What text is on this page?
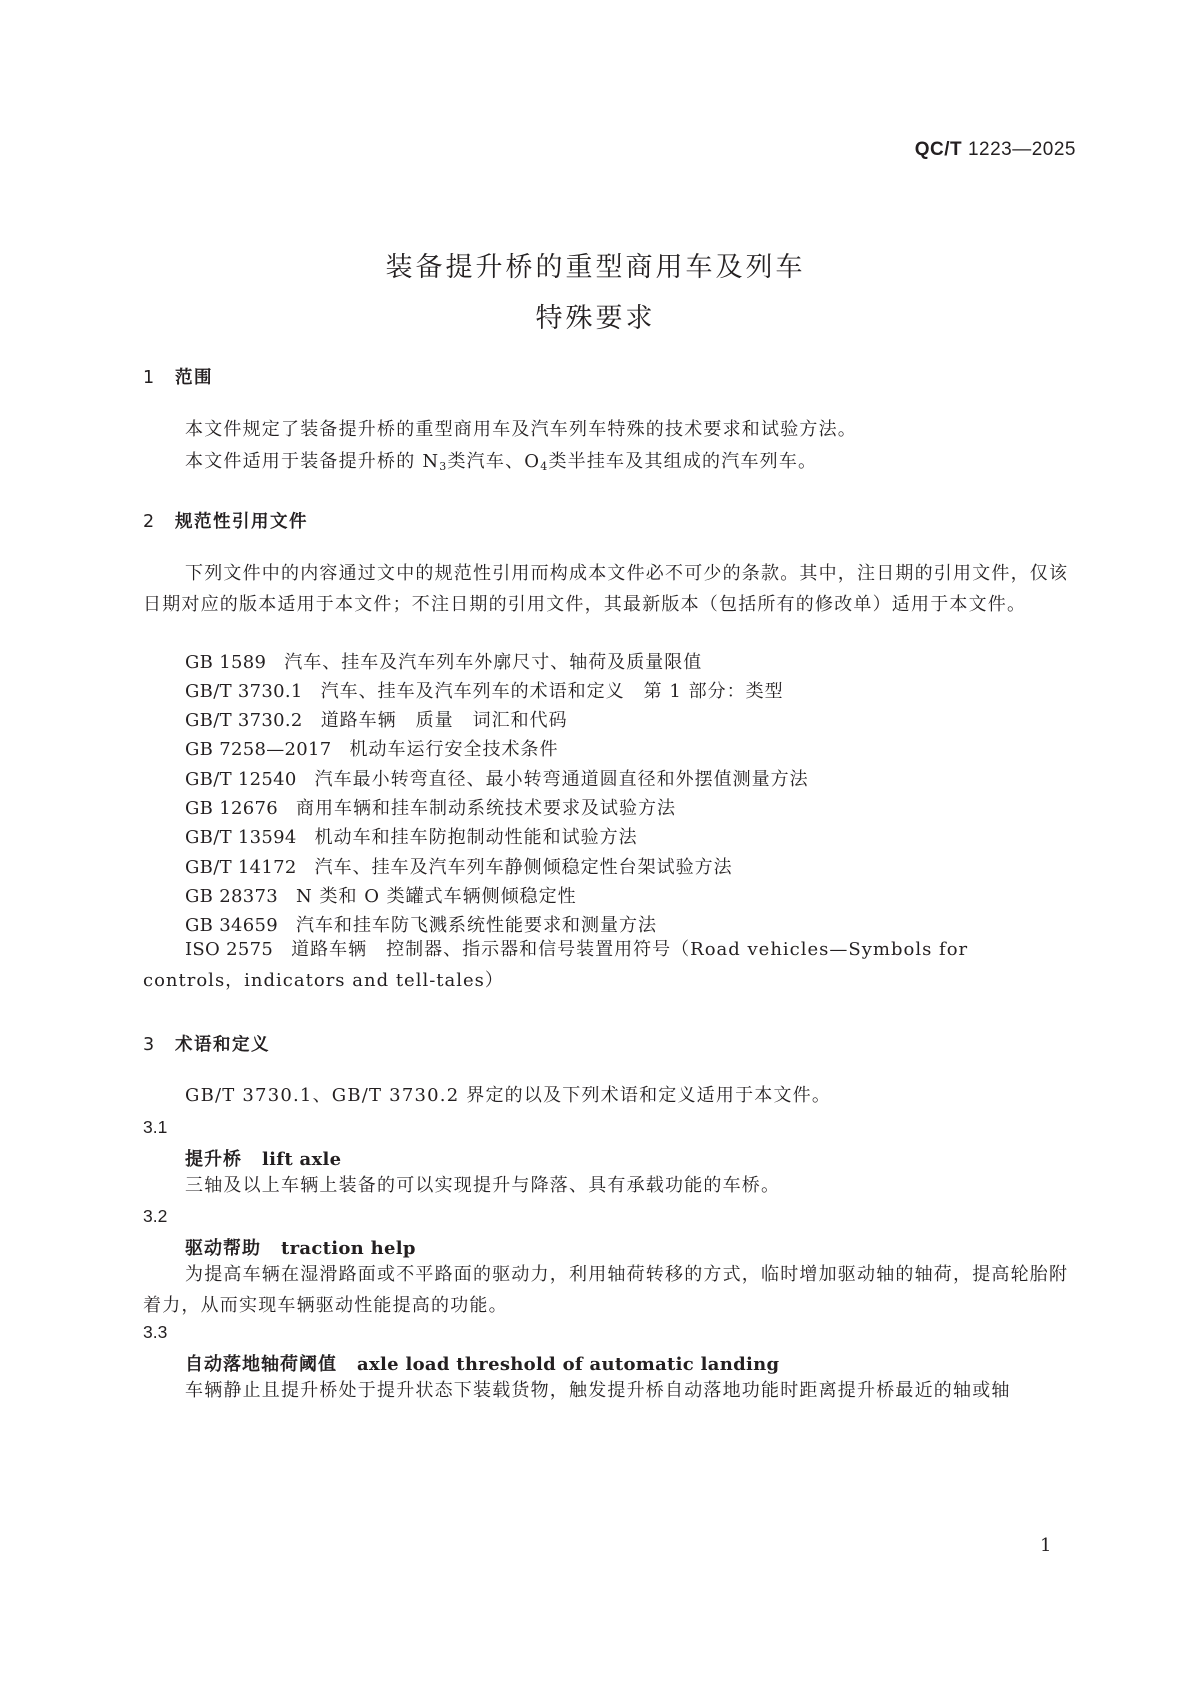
QC/T 1223—2025
装备提升桥的重型商用车及列车
特殊要求
1 范围
本文件规定了装备提升桥的重型商用车及汽车列车特殊的技术要求和试验方法。
本文件适用于装备提升桥的 $N_3$类汽车、$O_4$类半挂车及其组成的汽车列车。
2 规范性引用文件
下列文件中的内容通过文中的规范性引用而构成本文件必不可少的条款。其中，注日期的引用文件，仅该日期对应的版本适用于本文件；不注日期的引用文件，其最新版本（包括所有的修改单）适用于本文件。
GB 1589 汽车、挂车及汽车列车外廓尺寸、轴荷及质量限值
GB/T 3730.1 汽车、挂车及汽车列车的术语和定义　第 1 部分：类型
GB/T 3730.2 道路车辆　质量　词汇和代码
GB 7258—2017 机动车运行安全技术条件
GB/T 12540 汽车最小转弯直径、最小转弯通道圆直径和外摆值测量方法
GB 12676 商用车辆和挂车制动系统技术要求及试验方法
GB/T 13594 机动车和挂车防抱制动性能和试验方法
GB/T 14172 汽车、挂车及汽车列车静侧倾稳定性台架试验方法
GB 28373 N 类和 O 类罐式车辆侧倾稳定性
GB 34659 汽车和挂车防飞溅系统性能要求和测量方法
ISO 2575 道路车辆　控制器、指示器和信号装置用符号（Road vehicles—Symbols for controls，indicators and tell-tales）
3 术语和定义
GB/T 3730.1、GB/T 3730.2 界定的以及下列术语和定义适用于本文件。
3.1
提升桥 lift axle
三轴及以上车辆上装备的可以实现提升与降落、具有承载功能的车桥。
3.2
驱动帮助 traction help
为提高车辆在湿滑路面或不平路面的驱动力，利用轴荷转移的方式，临时增加驱动轴的轴荷，提高轮胎附着力，从而实现车辆驱动性能提高的功能。
3.3
自动落地轴荷阈值 axle load threshold of automatic landing
车辆静止且提升桥处于提升状态下装载货物，触发提升桥自动落地功能时距离提升桥最近的轴或轴
1
